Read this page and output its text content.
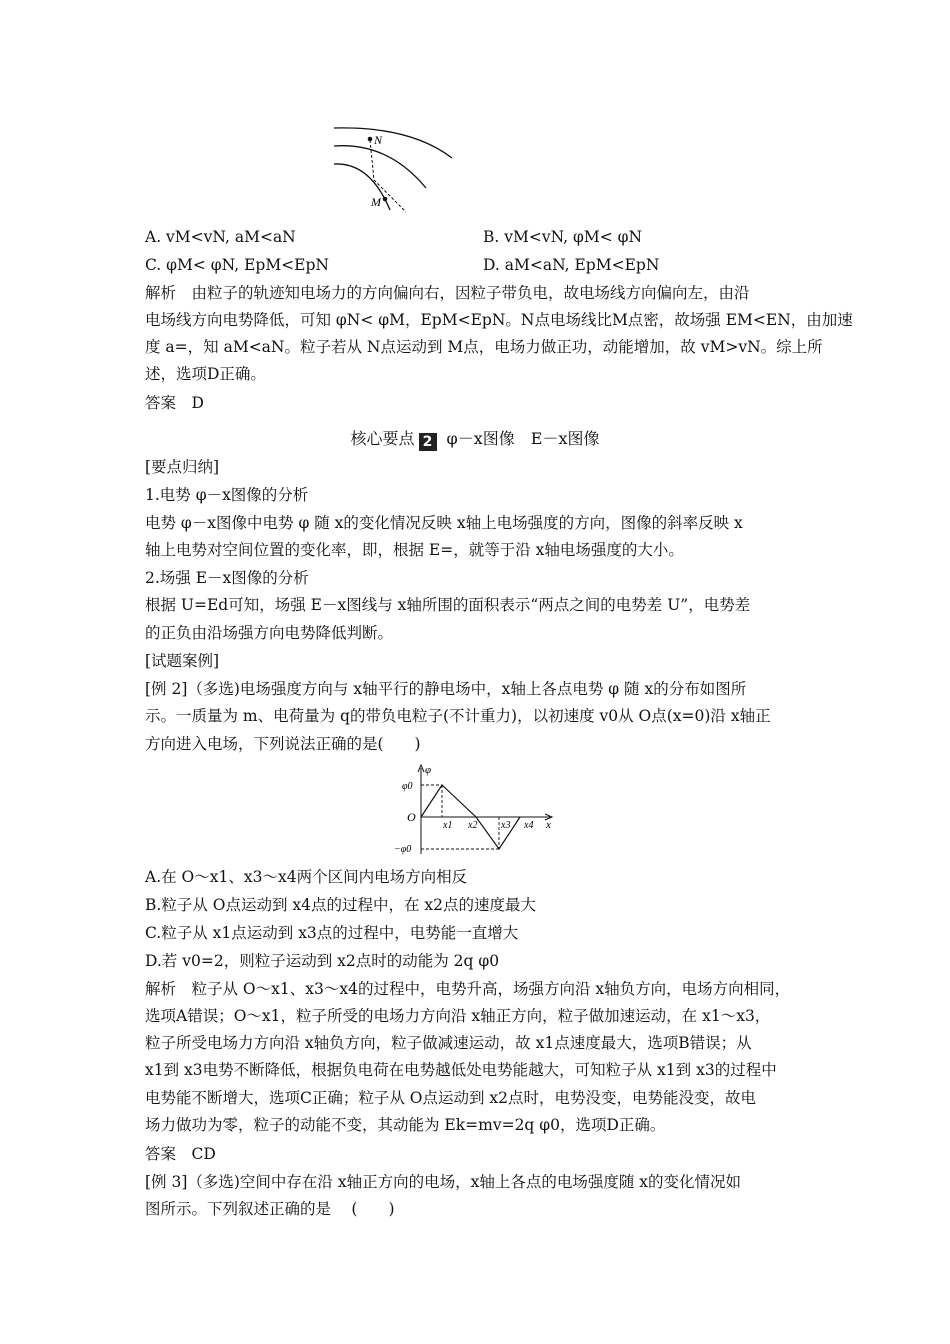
N
M
A. vM<vN, aM<aN	B. vM<vN, φM< φN
C. φM< φN, EpM<EpN	D. aM<aN, EpM<EpN
解析　由粒子的轨迹知电场力的方向偏向右，因粒子带负电，故电场线方向偏向左，由沿
电场线方向电势降低，可知 φN< φM，EpM<EpN。N点电场线比M点密，故场强 EM<EN，由加速
度 a=，知 aM<aN。粒子若从 N点运动到 M点，电场力做正功，动能增加，故 vM>vN。综上所
述，选项D正确。
答案　D
核心要点 2 φ－x图像　E－x图像
[要点归纳]
1.电势 φ－x图像的分析
电势 φ－x图像中电势 φ 随 x的变化情况反映 x轴上电场强度的方向，图像的斜率反映 x
轴上电势对空间位置的变化率，即，根据 E=，就等于沿 x轴电场强度的大小。
2.场强 E－x图像的分析
根据 U=Ed可知，场强 E－x图线与 x轴所围的面积表示“两点之间的电势差 U”，电势差
的正负由沿场强方向电势降低判断。
[试题案例]
[例 2]（多选)电场强度方向与 x轴平行的静电场中，x轴上各点电势 φ 随 x的分布如图所
示。一质量为 m、电荷量为 q的带负电粒子(不计重力)，以初速度 v0从 O点(x=0)沿 x轴正
方向进入电场，下列说法正确的是(　　)
φ
x
O
φ0
−φ0
x1 x2 x3 x4
A.在 O～x1、x3～x4两个区间内电场方向相反
B.粒子从 O点运动到 x4点的过程中，在 x2点的速度最大
C.粒子从 x1点运动到 x3点的过程中，电势能一直增大
D.若 v0=2，则粒子运动到 x2点时的动能为 2q φ0
解析　粒子从 O～x1、x3～x4的过程中，电势升高，场强方向沿 x轴负方向，电场方向相同，
选项A错误；O～x1，粒子所受的电场力方向沿 x轴正方向，粒子做加速运动，在 x1～x3，
粒子所受电场力方向沿 x轴负方向，粒子做减速运动，故 x1点速度最大，选项B错误；从
x1到 x3电势不断降低，根据负电荷在电势越低处电势能越大，可知粒子从 x1到 x3的过程中
电势能不断增大，选项C正确；粒子从 O点运动到 x2点时，电势没变，电势能没变，故电
场力做功为零，粒子的动能不变，其动能为 Ek=mv=2q φ0，选项D正确。
答案　CD
[例 3]（多选)空间中存在沿 x轴正方向的电场，x轴上各点的电场强度随 x的变化情况如
图所示。下列叙述正确的是　 (　　)
